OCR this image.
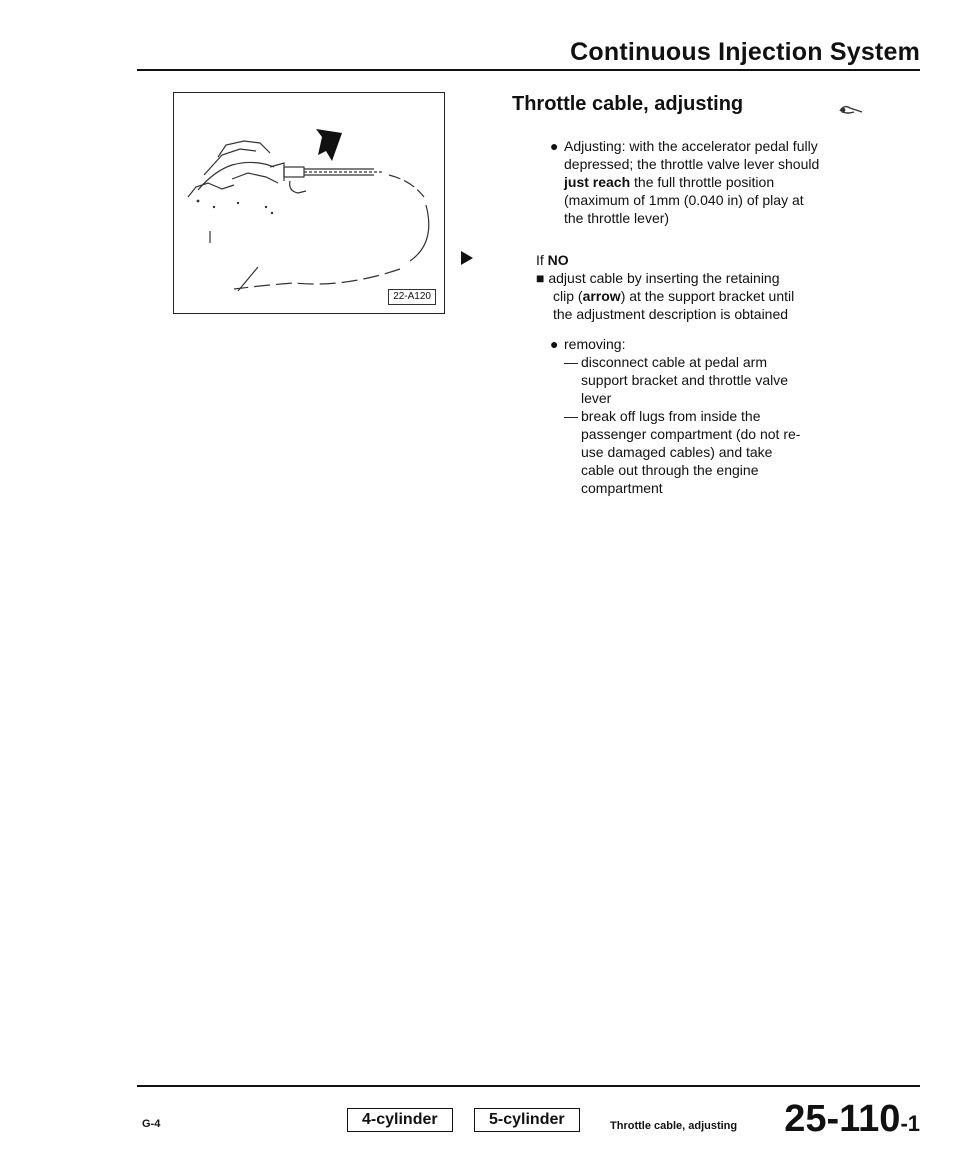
Continuous Injection System
22-A120
Throttle cable, adjusting
● Adjusting: with the accelerator pedal fully
depressed; the throttle valve lever should
just reach the full throttle position
(maximum of 1mm (0.040 in) of play at
the throttle lever)
If NO
■ adjust cable by inserting the retaining
clip (arrow) at the support bracket until
the adjustment description is obtained
● removing:
— disconnect cable at pedal arm
support bracket and throttle valve
lever
— break off lugs from inside the
passenger compartment (do not re-
use damaged cables) and take
cable out through the engine
compartment
G-4	4-cylinder	5-cylinder	Throttle cable, adjusting 25-110-1
